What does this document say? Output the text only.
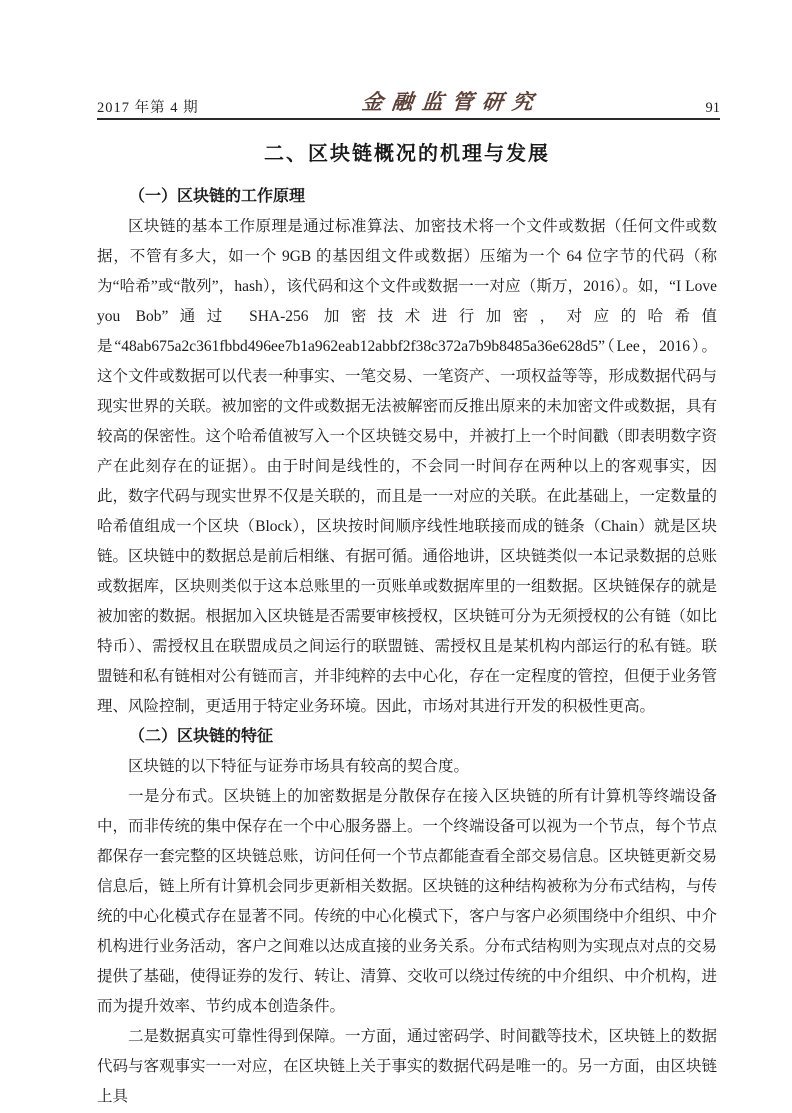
2017 年第 4 期	金融监管研究	91
二、区块链概况的机理与发展
（一）区块链的工作原理

区块链的基本工作原理是通过标准算法、加密技术将一个文件或数据（任何文件或数据，不管有多大，如一个 9GB 的基因组文件或数据）压缩为一个 64 位字节的代码（称为“哈希”或“散列”，hash），该代码和这个文件或数据一一对应（斯万，2016）。如，“I Love you Bob”通过 SHA-256 加密技术进行加密，对应的哈希值是“48ab675a2c361fbbd496ee7b1a962eab12abbf2f38c372a7b9b8485a36e628d5”（Lee，2016）。这个文件或数据可以代表一种事实、一笔交易、一笔资产、一项权益等等，形成数据代码与现实世界的关联。被加密的文件或数据无法被解密而反推出原来的未加密文件或数据，具有较高的保密性。这个哈希值被写入一个区块链交易中，并被打上一个时间戳（即表明数字资产在此刻存在的证据）。由于时间是线性的，不会同一时间存在两种以上的客观事实，因此，数字代码与现实世界不仅是关联的，而且是一一对应的关联。在此基础上，一定数量的哈希值组成一个区块（Block），区块按时间顺序线性地联接而成的链条（Chain）就是区块链。区块链中的数据总是前后相继、有据可循。通俗地讲，区块链类似一本记录数据的总账或数据库，区块则类似于这本总账里的一页账单或数据库里的一组数据。区块链保存的就是被加密的数据。根据加入区块链是否需要审核授权，区块链可分为无须授权的公有链（如比特币）、需授权且在联盟成员之间运行的联盟链、需授权且是某机构内部运行的私有链。联盟链和私有链相对公有链而言，并非纯粹的去中心化，存在一定程度的管控，但便于业务管理、风险控制，更适用于特定业务环境。因此，市场对其进行开发的积极性更高。

（二）区块链的特征

区块链的以下特征与证券市场具有较高的契合度。

一是分布式。区块链上的加密数据是分散保存在接入区块链的所有计算机等终端设备中，而非传统的集中保存在一个中心服务器上。一个终端设备可以视为一个节点，每个节点都保存一套完整的区块链总账，访问任何一个节点都能查看全部交易信息。区块链更新交易信息后，链上所有计算机会同步更新相关数据。区块链的这种结构被称为分布式结构，与传统的中心化模式存在显著不同。传统的中心化模式下，客户与客户必须围绕中介组织、中介机构进行业务活动，客户之间难以达成直接的业务关系。分布式结构则为实现点对点的交易提供了基础，使得证券的发行、转让、清算、交收可以绕过传统的中介组织、中介机构，进而为提升效率、节约成本创造条件。

二是数据真实可靠性得到保障。一方面，通过密码学、时间戳等技术，区块链上的数据代码与客观事实一一对应，在区块链上关于事实的数据代码是唯一的。另一方面，由区块链上具
